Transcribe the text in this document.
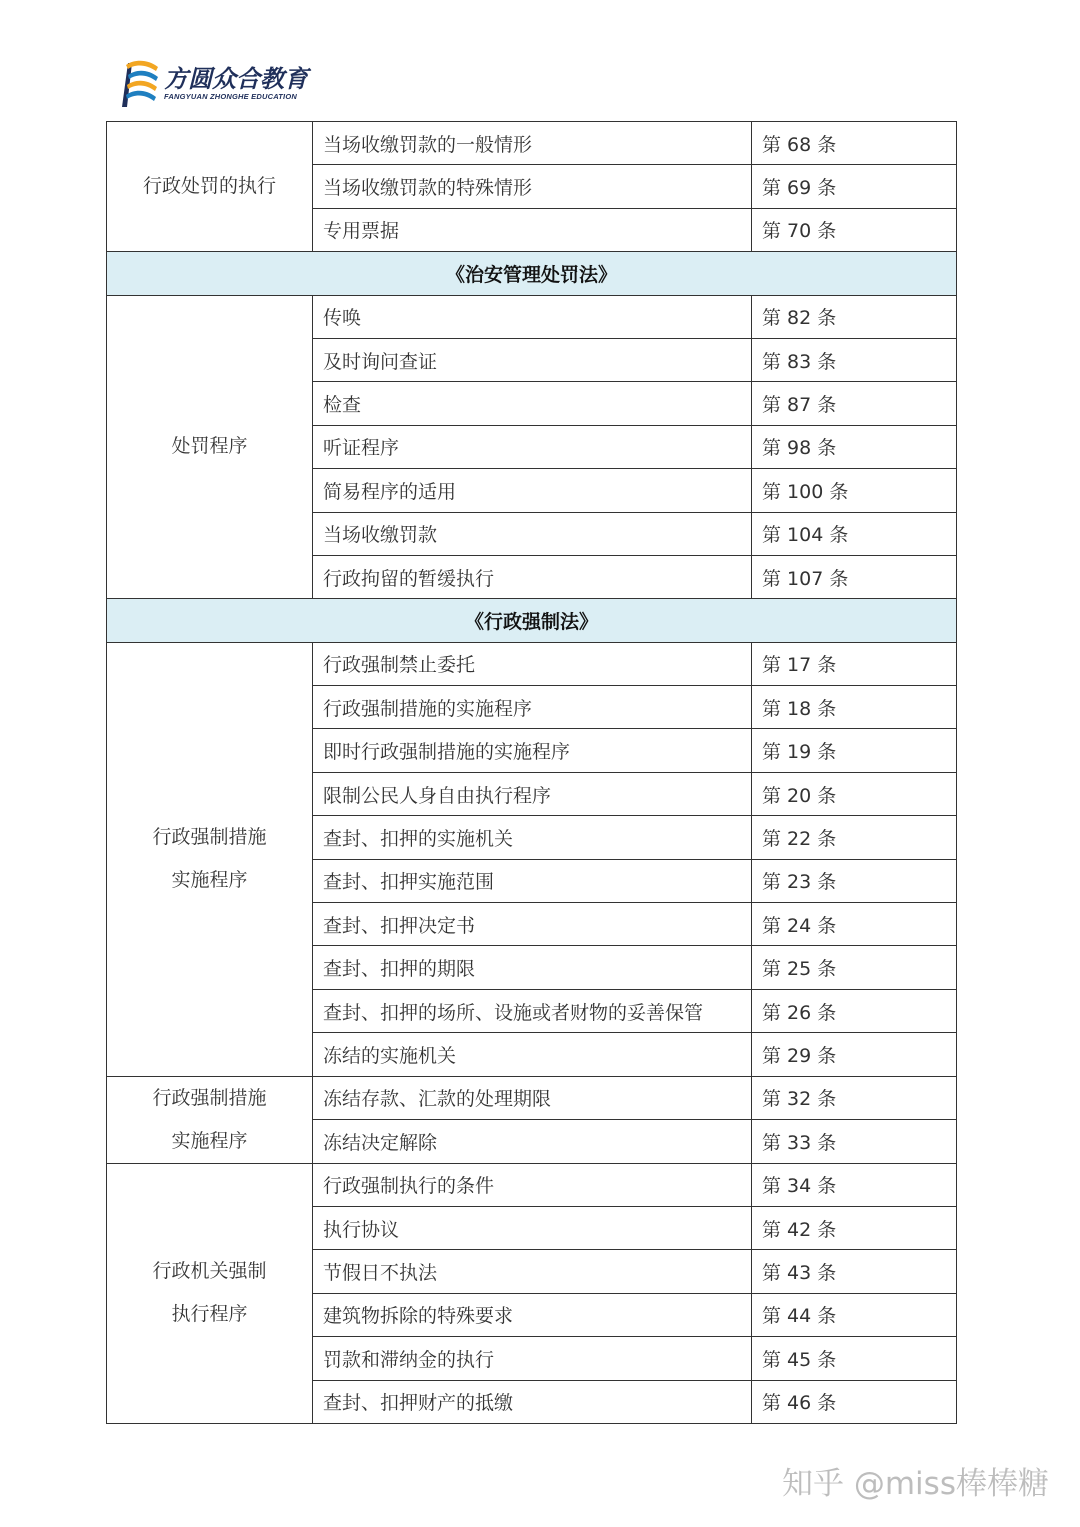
方圆众合教育
FANGYUAN ZHONGHE EDUCATION
行政处罚的执行	当场收缴罚款的一般情形	第 68 条
	当场收缴罚款的特殊情形	第 69 条
	专用票据	第 70 条
《治安管理处罚法》		

处罚程序	传唤	第 82 条
	及时询问查证	第 83 条
	检查	第 87 条
	听证程序	第 98 条
	简易程序的适用	第 100 条
	当场收缴罚款	第 104 条
	行政拘留的暂缓执行	第 107 条
《行政强制法》		

行政强制措施
实施程序	行政强制禁止委托	第 17 条
	行政强制措施的实施程序	第 18 条
	即时行政强制措施的实施程序	第 19 条
	限制公民人身自由执行程序	第 20 条
	查封、扣押的实施机关	第 22 条
	查封、扣押实施范围	第 23 条
	查封、扣押决定书	第 24 条
	查封、扣押的期限	第 25 条
	查封、扣押的场所、设施或者财物的妥善保管	第 26 条
	冻结的实施机关	第 29 条

行政强制措施
实施程序	冻结存款、汇款的处理期限	第 32 条
	冻结决定解除	第 33 条

行政机关强制
执行程序	行政强制执行的条件	第 34 条
	执行协议	第 42 条
	节假日不执法	第 43 条
	建筑物拆除的特殊要求	第 44 条
	罚款和滞纳金的执行	第 45 条
	查封、扣押财产的抵缴	第 46 条
知乎 @miss棒棒糖
